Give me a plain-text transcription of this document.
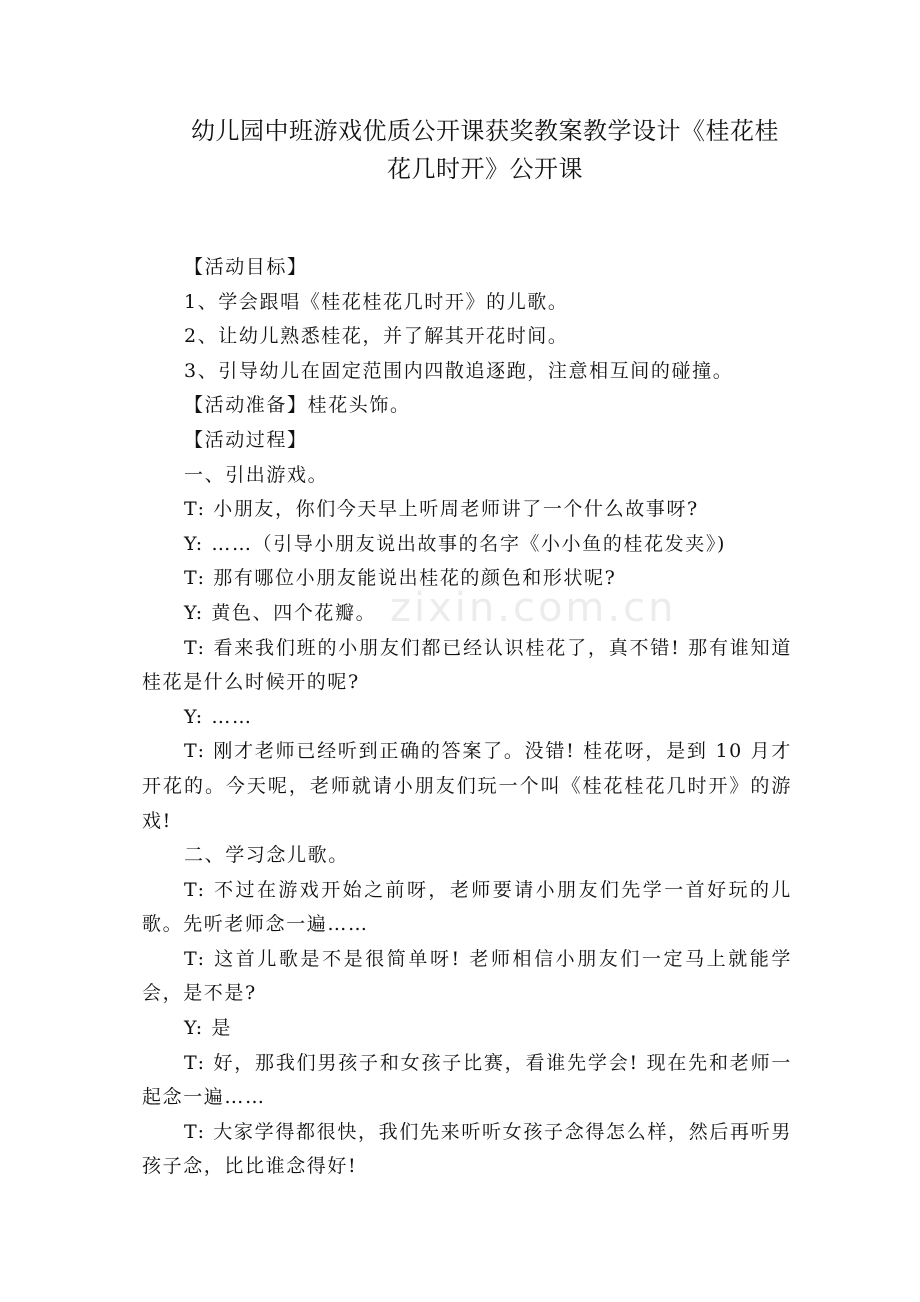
幼儿园中班游戏优质公开课获奖教案教学设计《桂花桂
花几时开》公开课

【活动目标】

1、学会跟唱《桂花桂花几时开》的儿歌。

2、让幼儿熟悉桂花，并了解其开花时间。

3、引导幼儿在固定范围内四散追逐跑，注意相互间的碰撞。

【活动准备】桂花头饰。

【活动过程】

一、引出游戏。

T: 小朋友，你们今天早上听周老师讲了一个什么故事呀?

Y: ……（引导小朋友说出故事的名字《小小鱼的桂花发夹》)

T: 那有哪位小朋友能说出桂花的颜色和形状呢?

Y: 黄色、四个花瓣。

T: 看来我们班的小朋友们都已经认识桂花了，真不错! 那有谁知道桂花是什么时候开的呢?

Y: ……

T: 刚才老师已经听到正确的答案了。没错! 桂花呀，是到 10 月才开花的。今天呢，老师就请小朋友们玩一个叫《桂花桂花几时开》的游戏!

二、学习念儿歌。

T: 不过在游戏开始之前呀，老师要请小朋友们先学一首好玩的儿歌。先听老师念一遍……

T: 这首儿歌是不是很简单呀! 老师相信小朋友们一定马上就能学会，是不是?

Y: 是

T: 好，那我们男孩子和女孩子比赛，看谁先学会! 现在先和老师一起念一遍……

T: 大家学得都很快，我们先来听听女孩子念得怎么样，然后再听男孩子念，比比谁念得好!

zixin.com.cn
